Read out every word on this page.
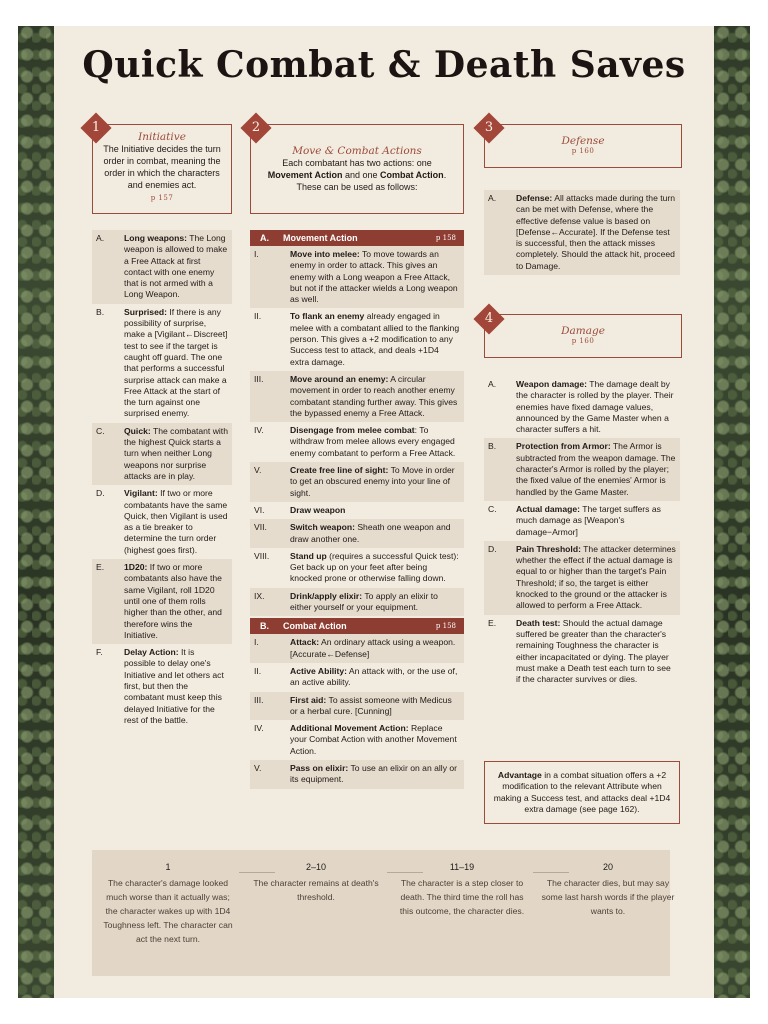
Quick Combat & Death Saves
Initiative
The Initiative decides the turn order in combat, meaning the order in which the characters and enemies act.
p 157
1
Move & Combat Actions
Each combatant has two actions: one Movement Action and one Combat Action. These can be used as follows:
2
Defense
p 160
3
Damage
p 160
4
A.	Long weapons: The Long weapon is allowed to make a Free Attack at first contact with one enemy that is not armed with a Long Weapon.
B.	Surprised: If there is any possibility of surprise, make a [Vigilant←Discreet] test to see if the target is caught off guard. The one that performs a successful surprise attack can make a Free Attack at the start of the turn against one surprised enemy.
C.	Quick: The combatant with the highest Quick starts a turn when neither Long weapons nor surprise attacks are in play.
D.	Vigilant: If two or more combatants have the same Quick, then Vigilant is used as a tie breaker to determine the turn order (highest goes first).
E.	1D20: If two or more combatants also have the same Vigilant, roll 1D20 until one of them rolls higher than the other, and therefore wins the Initiative.
F.	Delay Action: It is possible to delay one's Initiative and let others act first, but then the combatant must keep this delayed Initiative for the rest of the battle.
A. Movement Action	p 158
I.	Move into melee: To move towards an enemy in order to attack. This gives an enemy with a Long weapon a Free Attack, but not if the attacker wields a Long weapon as well.
II.	To flank an enemy already engaged in melee with a combatant allied to the flanking person. This gives a +2 modification to any Success test to attack, and deals +1D4 extra damage.
III.	Move around an enemy: A circular movement in order to reach another enemy combatant standing further away. This gives the bypassed enemy a Free Attack.
IV.	Disengage from melee combat: To withdraw from melee allows every engaged enemy combatant to perform a Free Attack.
V.	Create free line of sight: To Move in order to get an obscured enemy into your line of sight.
VI.	Draw weapon
VII.	Switch weapon: Sheath one weapon and draw another one.
VIII.	Stand up (requires a successful Quick test): Get back up on your feet after being knocked prone or otherwise falling down.
IX.	Drink/apply elixir: To apply an elixir to either yourself or your equipment.
B. Combat Action	p 158
I.	Attack: An ordinary attack using a weapon. [Accurate←Defense]
II.	Active Ability: An attack with, or the use of, an active ability.
III.	First aid: To assist someone with Medicus or a herbal cure. [Cunning]
IV.	Additional Movement Action: Replace your Combat Action with another Movement Action.
V.	Pass on elixir: To use an elixir on an ally or its equipment.
A.	Defense: All attacks made during the turn can be met with Defense, where the effective defense value is based on [Defense←Accurate]. If the Defense test is successful, then the attack misses completely. Should the attack hit, proceed to Damage.
A.	Weapon damage: The damage dealt by the character is rolled by the player. Their enemies have fixed damage values, announced by the Game Master when a character suffers a hit.
B.	Protection from Armor: The Armor is subtracted from the weapon damage. The character's Armor is rolled by the player; the fixed value of the enemies' Armor is handled by the Game Master.
C.	Actual damage: The target suffers as much damage as [Weapon's damage−Armor]
D.	Pain Threshold: The attacker determines whether the effect if the actual damage is equal to or higher than the target's Pain Threshold; if so, the target is either knocked to the ground or the attacker is allowed to perform a Free Attack.
E.	Death test: Should the actual damage suffered be greater than the character's remaining Toughness the character is either incapacitated or dying. The player must make a Death test each turn to see if the character survives or dies.
Advantage in a combat situation offers a +2 modification to the relevant Attribute when making a Success test, and attacks deal +1D4 extra damage (see page 162).
1
The character's damage looked much worse than it actually was; the character wakes up with 1D4 Toughness left. The character can act the next turn.
2–10
The character remains at death's threshold.
11–19
The character is a step closer to death. The third time the roll has this outcome, the character dies.
20
The character dies, but may say some last harsh words if the player wants to.
